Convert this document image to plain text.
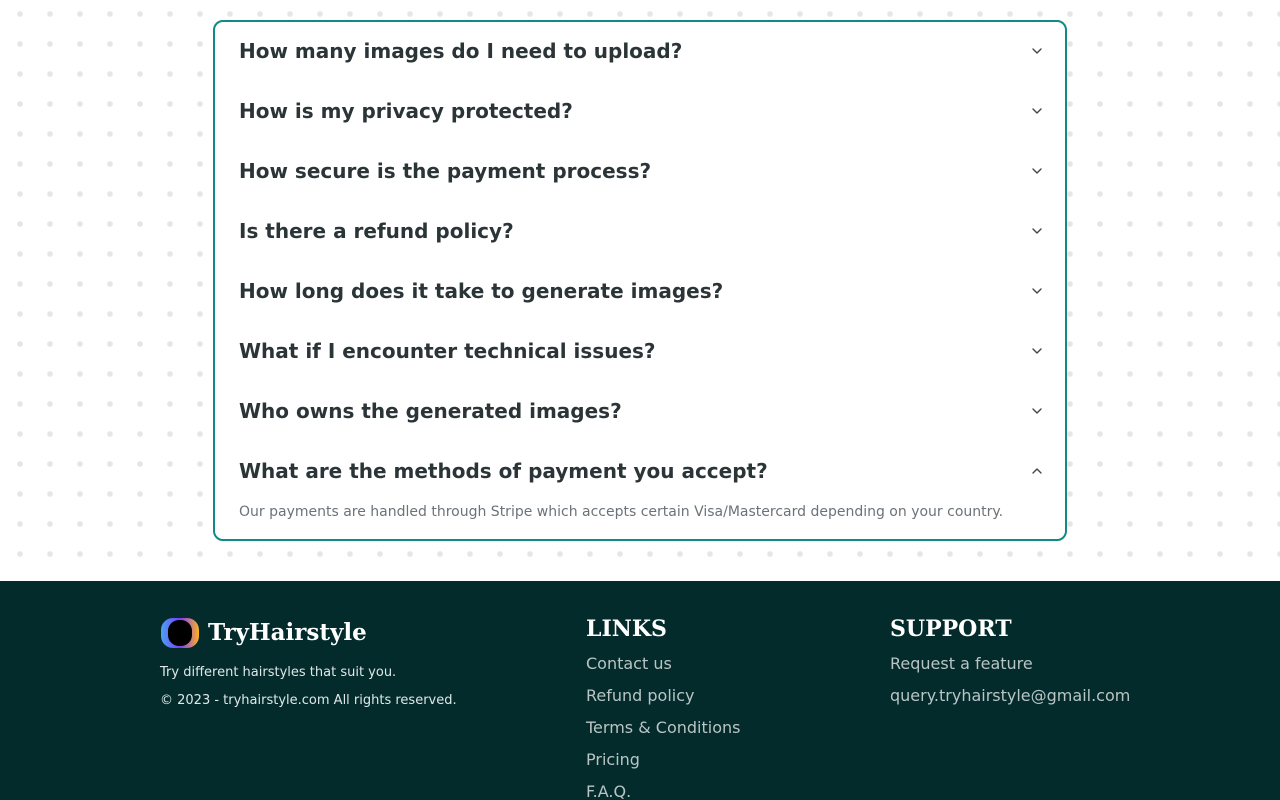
How many images do I need to upload?
How is my privacy protected?
How secure is the payment process?
Is there a refund policy?
How long does it take to generate images?
What if I encounter technical issues?
Who owns the generated images?
What are the methods of payment you accept?
Our payments are handled through Stripe which accepts certain Visa/Mastercard depending on your country.
TryHairstyle
Try different hairstyles that suit you.
© 2023 - tryhairstyle.com All rights reserved.
LINKS
Contact us
Refund policy
Terms & Conditions
Pricing
F.A.Q.
SUPPORT
Request a feature
query.tryhairstyle@gmail.com
